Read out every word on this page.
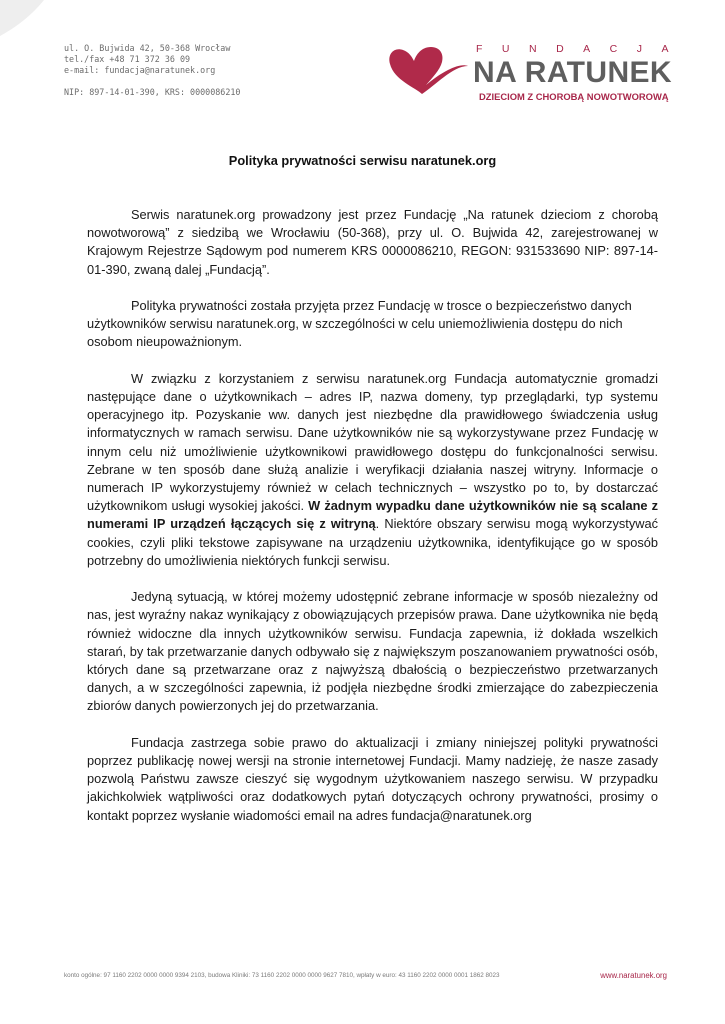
ul. O. Bujwida 42, 50-368 Wrocław
tel./fax +48 71 372 36 09
e-mail: fundacja@naratunek.org
NIP: 897-14-01-390, KRS: 0000086210
FUNDACJA
NA RATUNEK
DZIECIOM Z CHOROBĄ NOWOTWOROWĄ
Polityka prywatności serwisu naratunek.org

Serwis naratunek.org prowadzony jest przez Fundację „Na ratunek dzieciom z chorobą nowotworową” z siedzibą we Wrocławiu (50-368), przy ul. O. Bujwida 42, zarejestrowanej w Krajowym Rejestrze Sądowym pod numerem KRS 0000086210, REGON: 931533690 NIP: 897-14-01-390, zwaną dalej „Fundacją”.

Polityka prywatności została przyjęta przez Fundację w trosce o bezpieczeństwo danych użytkowników serwisu naratunek.org, w szczególności w celu uniemożliwienia dostępu do nich osobom nieupoważnionym.

W związku z korzystaniem z serwisu naratunek.org Fundacja automatycznie gromadzi następujące dane o użytkownikach – adres IP, nazwa domeny, typ przeglądarki, typ systemu operacyjnego itp. Pozyskanie ww. danych jest niezbędne dla prawidłowego świadczenia usług informatycznych w ramach serwisu. Dane użytkowników nie są wykorzystywane przez Fundację w innym celu niż umożliwienie użytkownikowi prawidłowego dostępu do funkcjonalności serwisu. Zebrane w ten sposób dane służą analizie i weryfikacji działania naszej witryny. Informacje o numerach IP wykorzystujemy również w celach technicznych – wszystko po to, by dostarczać użytkownikom usługi wysokiej jakości. W żadnym wypadku dane użytkowników nie są scalane z numerami IP urządzeń łączących się z witryną. Niektóre obszary serwisu mogą wykorzystywać cookies, czyli pliki tekstowe zapisywane na urządzeniu użytkownika, identyfikujące go w sposób potrzebny do umożliwienia niektórych funkcji serwisu.

Jedyną sytuacją, w której możemy udostępnić zebrane informacje w sposób niezależny od nas, jest wyraźny nakaz wynikający z obowiązujących przepisów prawa. Dane użytkownika nie będą również widoczne dla innych użytkowników serwisu. Fundacja zapewnia, iż dokłada wszelkich starań, by tak przetwarzanie danych odbywało się z największym poszanowaniem prywatności osób, których dane są przetwarzane oraz z najwyższą dbałością o bezpieczeństwo przetwarzanych danych, a w szczególności zapewnia, iż podjęła niezbędne środki zmierzające do zabezpieczenia zbiorów danych powierzonych jej do przetwarzania.

Fundacja zastrzega sobie prawo do aktualizacji i zmiany niniejszej polityki prywatności poprzez publikację nowej wersji na stronie internetowej Fundacji. Mamy nadzieję, że nasze zasady pozwolą Państwu zawsze cieszyć się wygodnym użytkowaniem naszego serwisu. W przypadku jakichkolwiek wątpliwości oraz dodatkowych pytań dotyczących ochrony prywatności, prosimy o kontakt poprzez wysłanie wiadomości email na adres fundacja@naratunek.org

konto ogólne: 97 1160 2202 0000 0000 9394 2103, budowa Kliniki: 73 1160 2202 0000 0000 9627 7810, wpłaty w euro: 43 1160 2202 0000 0001 1862 8023	www.naratunek.org
